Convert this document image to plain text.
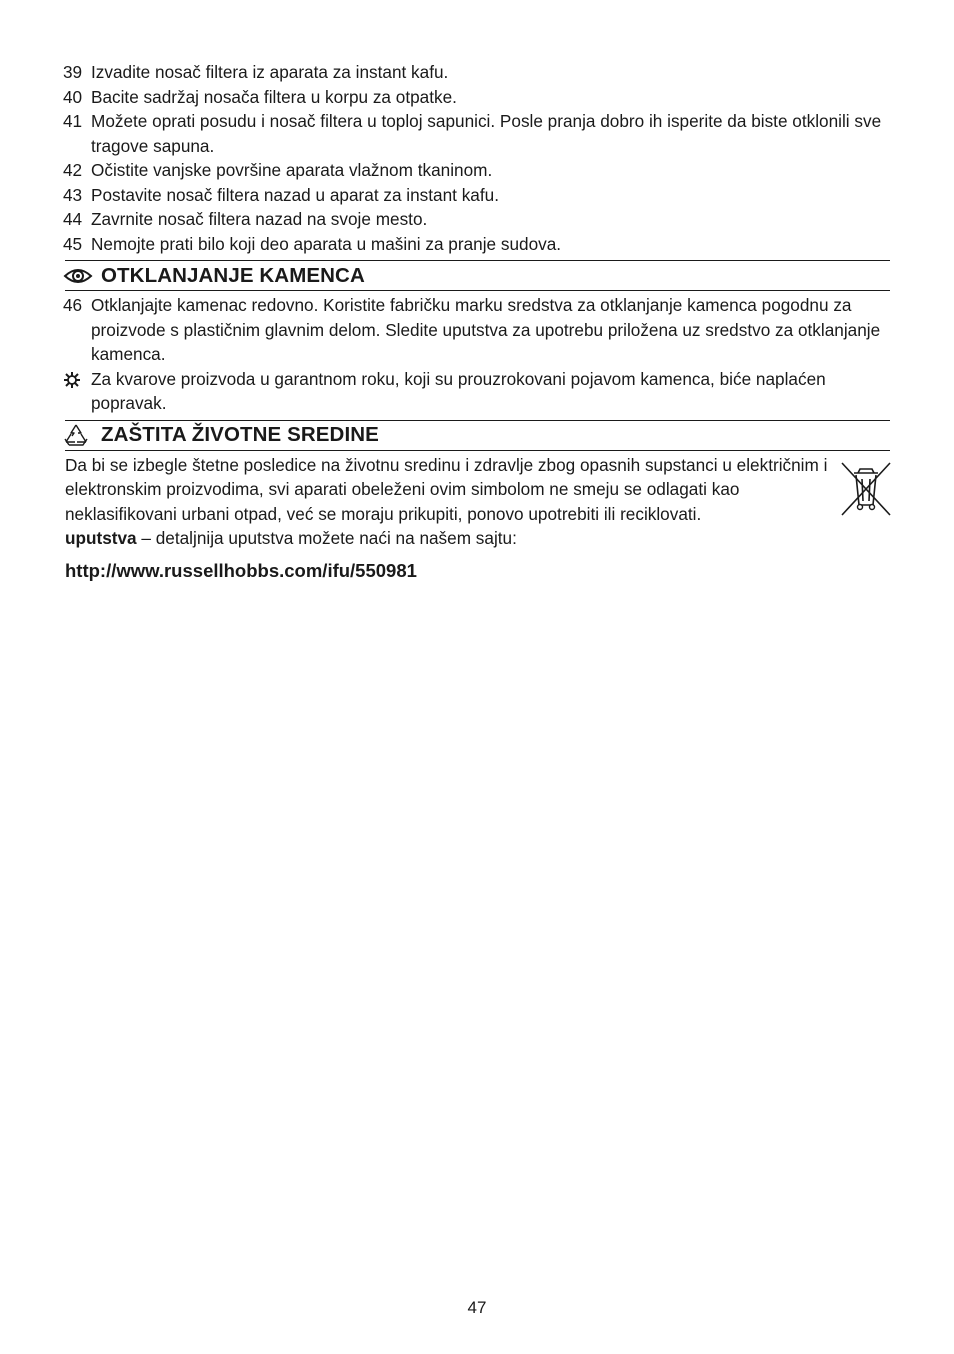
39 Izvadite nosač filtera iz aparata za instant kafu.

40 Bacite sadržaj nosača filtera u korpu za otpatke.

41 Možete oprati posudu i nosač filtera u toploj sapunici. Posle pranja dobro ih isperite da biste otklonili sve tragove sapuna.

42 Očistite vanjske površine aparata vlažnom tkaninom.

43 Postavite nosač filtera nazad u aparat za instant kafu.

44 Zavrnite nosač filtera nazad na svoje mesto.

45 Nemojte prati bilo koji deo aparata u mašini za pranje sudova.

OTKLANJANJE KAMENCA

46 Otklanjajte kamenac redovno. Koristite fabričku marku sredstva za otklanjanje kamenca pogodnu za proizvode s plastičnim glavnim delom. Sledite uputstva za upotrebu priložena uz sredstvo za otklanjanje kamenca.

Za kvarove proizvoda u garantnom roku, koji su prouzrokovani pojavom kamenca, biće naplaćen popravak.

ZAŠTITA ŽIVOTNE SREDINE

Da bi se izbegle štetne posledice na životnu sredinu i zdravlje zbog opasnih supstanci u električnim i elektronskim proizvodima, svi aparati obeleženi ovim simbolom ne smeju se odlagati kao neklasifikovani urbani otpad, već se moraju prikupiti, ponovo upotrebiti ili reciklovati.

uputstva – detaljnija uputstva možete naći na našem sajtu:

http://www.russellhobbs.com/ifu/550981
47
